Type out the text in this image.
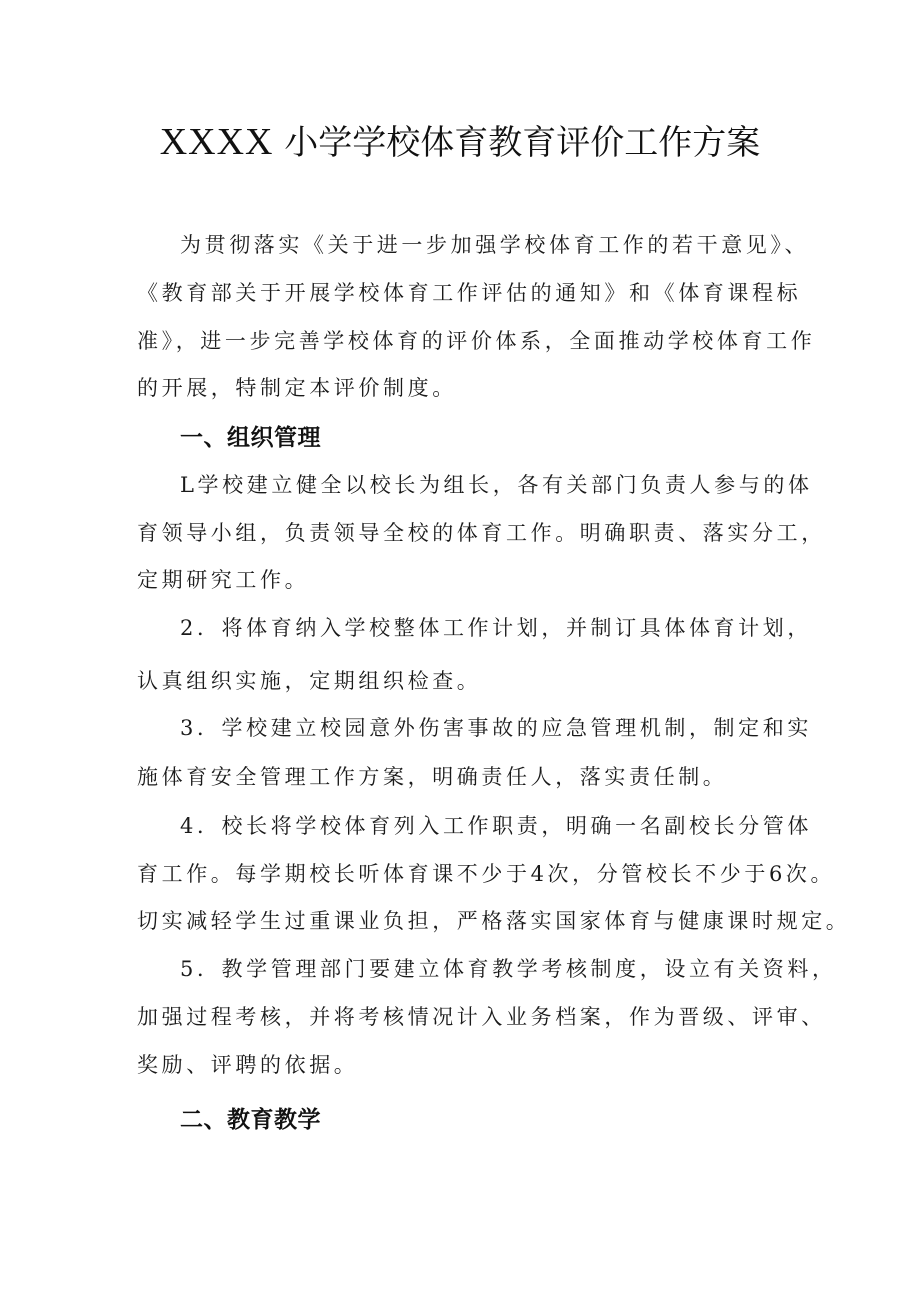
XXXX 小学学校体育教育评价工作方案
为贯彻落实《关于进一步加强学校体育工作的若干意见》、
《教育部关于开展学校体育工作评估的通知》和《体育课程标
准》，进一步完善学校体育的评价体系，全面推动学校体育工作
的开展，特制定本评价制度。
一、组织管理
L学校建立健全以校长为组长，各有关部门负责人参与的体
育领导小组，负责领导全校的体育工作。明确职责、落实分工，
定期研究工作。
2．将体育纳入学校整体工作计划，并制订具体体育计划，
认真组织实施，定期组织检查。
3．学校建立校园意外伤害事故的应急管理机制，制定和实
施体育安全管理工作方案，明确责任人，落实责任制。
4．校长将学校体育列入工作职责，明确一名副校长分管体
育工作。每学期校长听体育课不少于4次，分管校长不少于6次。
切实减轻学生过重课业负担，严格落实国家体育与健康课时规定。
5．教学管理部门要建立体育教学考核制度，设立有关资料，
加强过程考核，并将考核情况计入业务档案，作为晋级、评审、
奖励、评聘的依据。
二、教育教学
